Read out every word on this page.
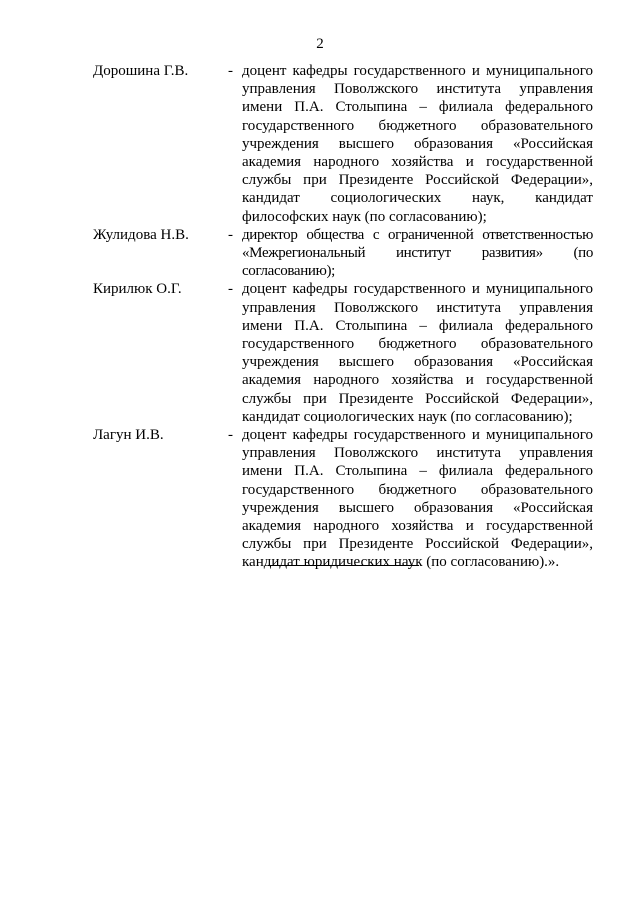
2
Дорошина Г.В.	- доцент кафедры государственного и муниципального управления Поволжского института управления имени П.А. Столыпина – филиала федерального государственного бюджетного образовательного учреждения высшего образования «Российская академия народного хозяйства и государственной службы при Президенте Российской Федерации», кандидат социологических наук, кандидат философских наук (по согласованию);
Жулидова Н.В.	- директор общества с ограниченной ответственностью «Межрегиональный институт развития» (по согласованию);
Кирилюк О.Г.	- доцент кафедры государственного и муниципального управления Поволжского института управления имени П.А. Столыпина – филиала федерального государственного бюджетного образовательного учреждения высшего образования «Российская академия народного хозяйства и государственной службы при Президенте Российской Федерации», кандидат социологических наук (по согласованию);
Лагун И.В.	- доцент кафедры государственного и муниципального управления Поволжского института управления имени П.А. Столыпина – филиала федерального государственного бюджетного образовательного учреждения высшего образования «Российская академия народного хозяйства и государственной службы при Президенте Российской Федерации», кандидат юридических наук (по согласованию).».
